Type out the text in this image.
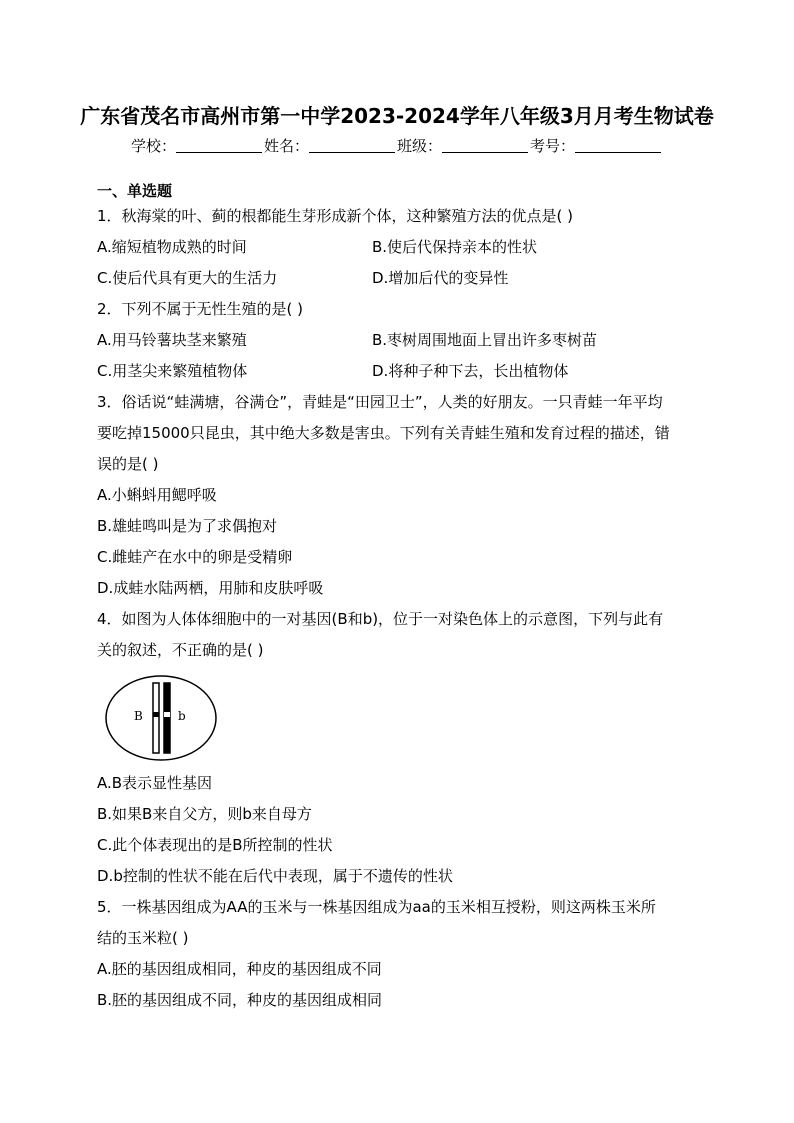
广东省茂名市高州市第一中学2023-2024学年八年级3月月考生物试卷
学校：	姓名：	班级：	考号：
一、单选题
1．秋海棠的叶、蓟的根都能生芽形成新个体，这种繁殖方法的优点是( )
A.缩短植物成熟的时间	B.使后代保持亲本的性状
C.使后代具有更大的生活力	D.增加后代的变异性
2．下列不属于无性生殖的是( )
A.用马铃薯块茎来繁殖	B.枣树周围地面上冒出许多枣树苗
C.用茎尖来繁殖植物体	D.将种子种下去，长出植物体
3．俗话说“蛙满塘，谷满仓”，青蛙是“田园卫士”，人类的好朋友。一只青蛙一年平均
要吃掉15000只昆虫，其中绝大多数是害虫。下列有关青蛙生殖和发育过程的描述，错
误的是( )
A.小蝌蚪用鳃呼吸
B.雄蛙鸣叫是为了求偶抱对
C.雌蛙产在水中的卵是受精卵
D.成蛙水陆两栖，用肺和皮肤呼吸
4．如图为人体体细胞中的一对基因(B和b)，位于一对染色体上的示意图，下列与此有
关的叙述，不正确的是( )
B	b
A.B表示显性基因
B.如果B来自父方，则b来自母方
C.此个体表现出的是B所控制的性状
D.b控制的性状不能在后代中表现，属于不遗传的性状
5．一株基因组成为AA的玉米与一株基因组成为aa的玉米相互授粉，则这两株玉米所
结的玉米粒( )
A.胚的基因组成相同，种皮的基因组成不同
B.胚的基因组成不同，种皮的基因组成相同
